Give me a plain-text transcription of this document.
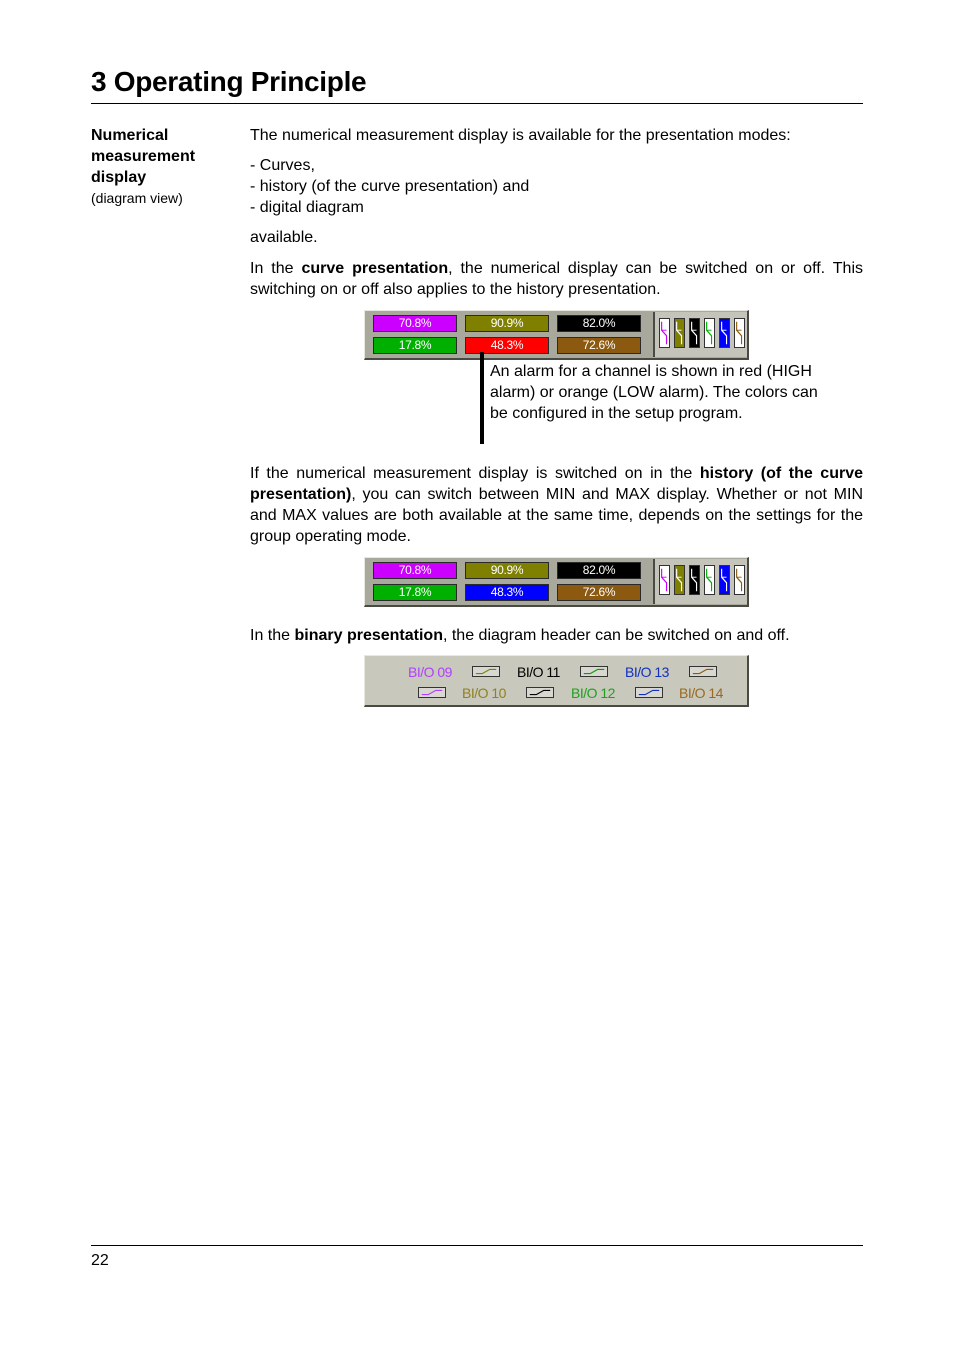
3 Operating Principle
Numerical measurement display
(diagram view)
The numerical measurement display is available for the presentation modes:
- Curves,
- history (of the curve presentation) and
- digital diagram
available.
In the curve presentation, the numerical display can be switched on or off. This switching on or off also applies to the history presentation.
70.8%	90.9%	82.0%
17.8%	48.3%	72.6%
An alarm for a channel is shown in red (HIGH alarm) or orange (LOW alarm). The colors can be configured in the setup program.
If the numerical measurement display is switched on in the history (of the curve presentation), you can switch between MIN and MAX display. Whether or not MIN and MAX values are both available at the same time, depends on the settings for the group operating mode.
70.8%	90.9%	82.0%
17.8%	48.3%	72.6%
In the binary presentation, the diagram header can be switched on and off.
BI/O 09	BI/O 11	BI/O 13
BI/O 10	BI/O 12	BI/O 14
22
